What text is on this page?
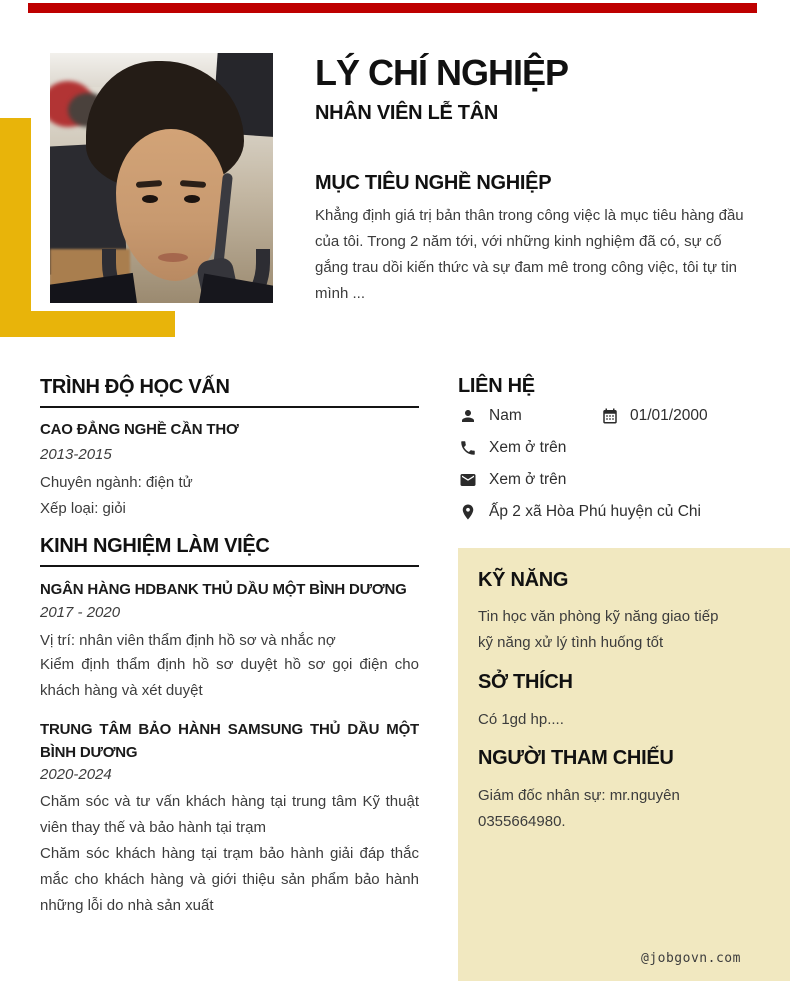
LÝ CHÍ NGHIỆP
NHÂN VIÊN LỄ TÂN
MỤC TIÊU NGHỀ NGHIỆP
Khẳng định giá trị bản thân trong công việc là mục tiêu hàng đầu của tôi. Trong 2 năm tới, với những kinh nghiệm đã có, sự cố gắng trau dồi kiến thức và sự đam mê trong công việc, tôi tự tin mình ...
TRÌNH ĐỘ HỌC VẤN
CAO ĐẲNG NGHỀ CẦN THƠ
2013-2015
Chuyên ngành: điện tử
Xếp loại: giỏi
KINH NGHIỆM LÀM VIỆC
NGÂN HÀNG HDBANK THỦ DẦU MỘT BÌNH DƯƠNG
2017 - 2020
Vị trí: nhân viên thẩm định hồ sơ và nhắc nợ
Kiểm định thẩm định hồ sơ duyệt hồ sơ gọi điện cho khách hàng và xét duyệt
TRUNG TÂM BẢO HÀNH SAMSUNG THỦ DẦU MỘT BÌNH DƯƠNG
2020-2024
Chăm sóc và tư vấn khách hàng tại trung tâm Kỹ thuật viên thay thế và bảo hành tại trạm
Chăm sóc khách hàng tại trạm bảo hành giải đáp thắc mắc cho khách hàng và giới thiệu sản phẩm bảo hành những lỗi do nhà sản xuất
LIÊN HỆ
Nam	01/01/2000
Xem ở trên
Xem ở trên
Ấp 2 xã Hòa Phú huyện củ Chi
KỸ NĂNG
Tin học văn phòng kỹ năng giao tiếp kỹ năng xử lý tình huống tốt
SỞ THÍCH
Có 1gd hp....
NGƯỜI THAM CHIẾU
Giám đốc nhân sự: mr.nguyên 0355664980.
@jobgovn.com
